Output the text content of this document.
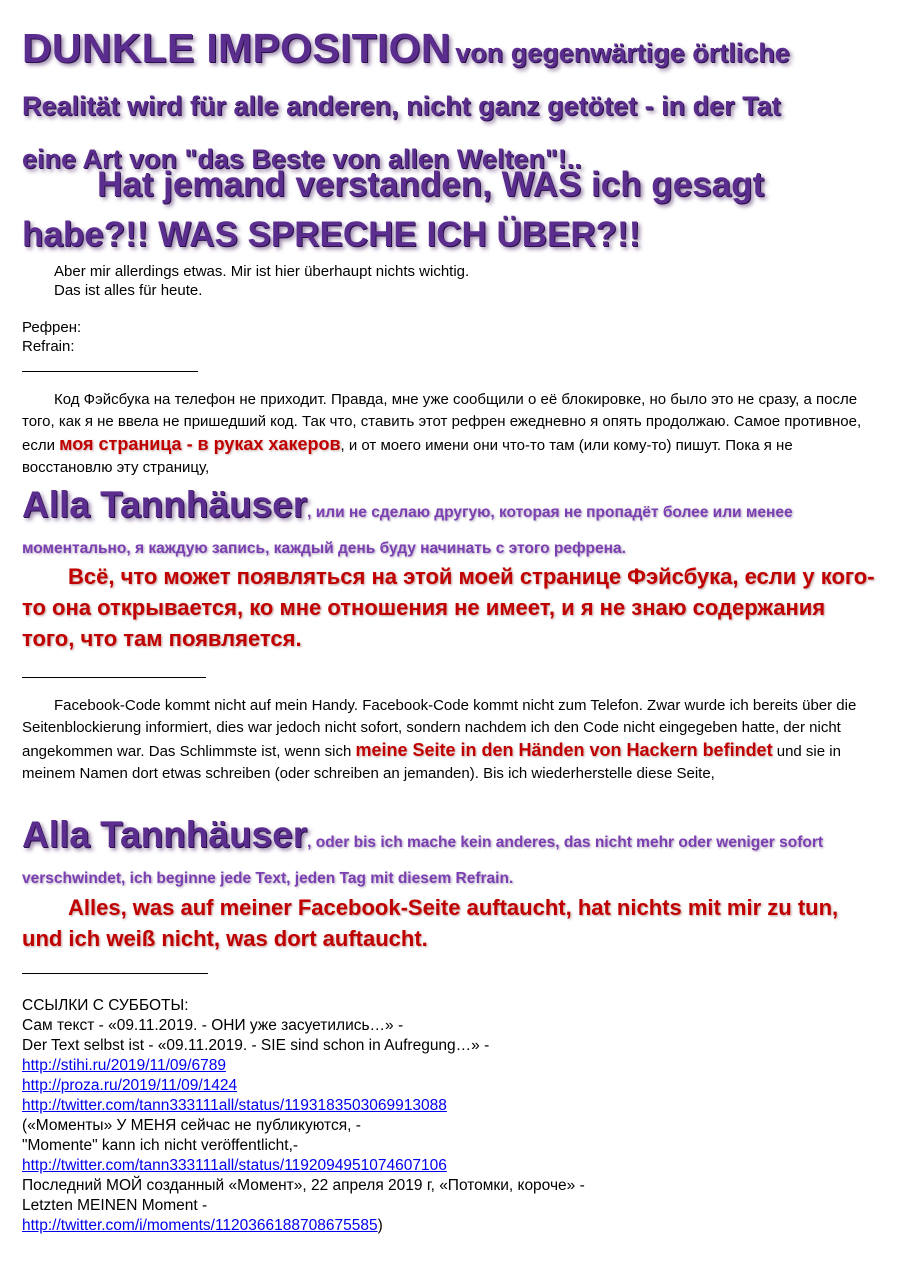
DUNKLE IMPOSITION von gegenwärtige örtliche
Realität wird für alle anderen, nicht ganz getötet - in der Tat
eine Art von "das Beste von allen Welten"!..
Hat jemand verstanden, WAS ich gesagt habe?!! WAS SPRECHE ICH ÜBER?!!
Aber mir allerdings etwas. Mir ist hier überhaupt nichts wichtig.
Das ist alles für heute.
Рефрен:
Refrain:

Код Фэйсбука на телефон не приходит. Правда, мне уже сообщили о её блокировке, но было это не сразу, а после того, как я не ввела не пришедший код. Так что, ставить этот рефрен ежедневно я опять продолжаю. Самое противное, если моя страница - в руках хакеров, и от моего имени они что-то там (или кому-то) пишут. Пока я не восстановлю эту страницу,

Alla Tannhäuser, или не сделаю другую, которая не пропадёт более или менее моментально, я каждую запись, каждый день буду начинать с этого рефрена.
Всё, что может появляться на этой моей странице Фэйсбука, если у кого-то она открывается, ко мне отношения не имеет, и я не знаю содержания того, что там появляется.

Facebook-Code kommt nicht auf mein Handy. Facebook-Code kommt nicht zum Telefon. Zwar wurde ich bereits über die Seitenblockierung informiert, dies war jedoch nicht sofort, sondern nachdem ich den Code nicht eingegeben hatte, der nicht angekommen war. Das Schlimmste ist, wenn sich meine Seite in den Händen von Hackern befindet und sie in meinem Namen dort etwas schreiben (oder schreiben an jemanden). Bis ich wiederherstelle diese Seite,

Alla Tannhäuser, oder bis ich mache kein anderes, das nicht mehr oder weniger sofort verschwindet, ich beginne jede Text, jeden Tag mit diesem Refrain.
Alles, was auf meiner Facebook-Seite auftaucht, hat nichts mit mir zu tun, und ich weiß nicht, was dort auftaucht.
ССЫЛКИ С СУББОТЫ:
Сам текст - «09.11.2019. - ОНИ уже засуетились…» -
Der Text selbst ist - «09.11.2019. - SIE sind schon in Aufregung…» -
http://stihi.ru/2019/11/09/6789
http://proza.ru/2019/11/09/1424
http://twitter.com/tann333111all/status/1193183503069913088
(«Моменты» У МЕНЯ сейчас не публикуются, -
"Momente" kann ich nicht veröffentlicht,-
http://twitter.com/tann333111all/status/1192094951074607106
Последний МОЙ созданный «Момент», 22 апреля 2019 г, «Потомки, короче» -
Letzten MEINEN Moment -
http://twitter.com/i/moments/1120366188708675585)
